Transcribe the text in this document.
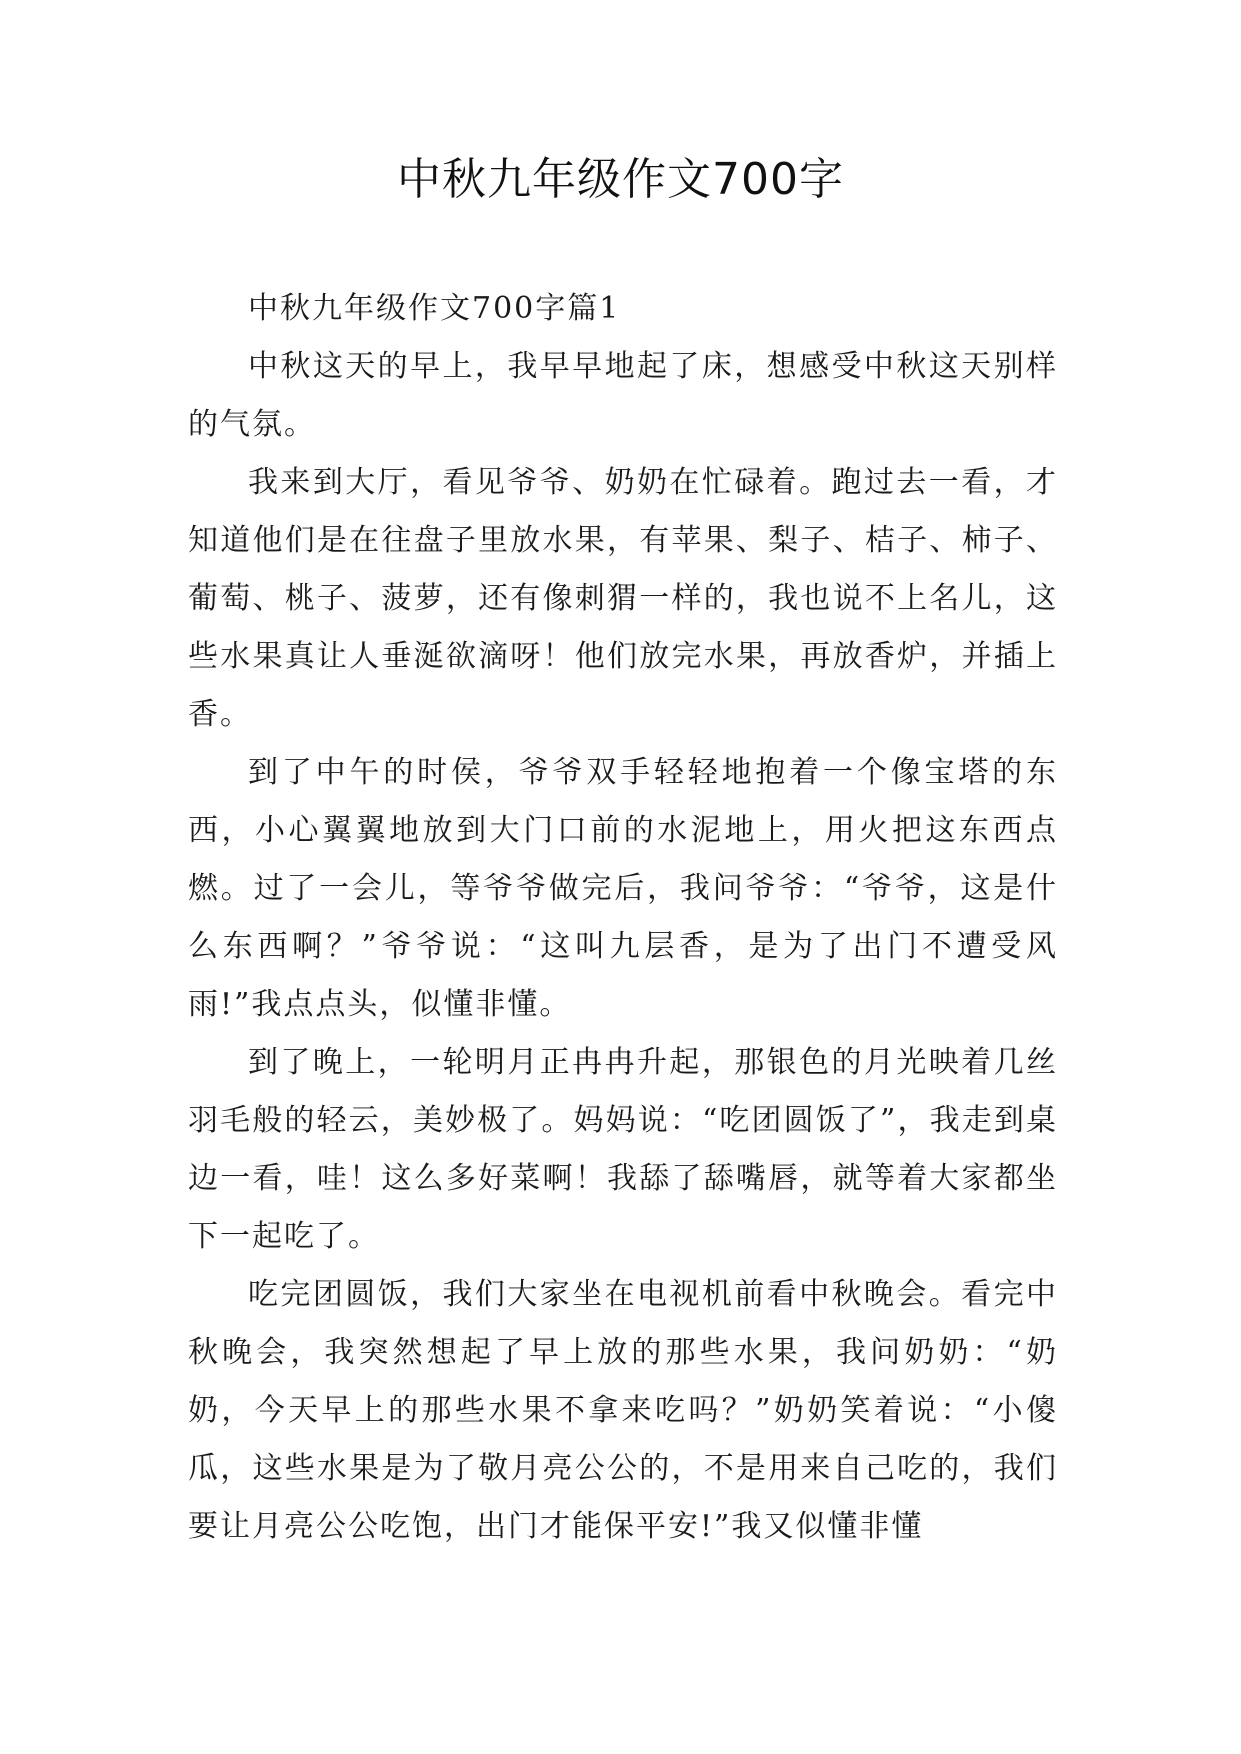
中秋九年级作文700字

中秋九年级作文700字篇1

中秋这天的早上，我早早地起了床，想感受中秋这天别样的气氛。

我来到大厅，看见爷爷、奶奶在忙碌着。跑过去一看，才知道他们是在往盘子里放水果，有苹果、梨子、桔子、柿子、葡萄、桃子、菠萝，还有像刺猬一样的，我也说不上名儿，这些水果真让人垂涎欲滴呀！他们放完水果，再放香炉，并插上香。

到了中午的时侯，爷爷双手轻轻地抱着一个像宝塔的东西，小心翼翼地放到大门口前的水泥地上，用火把这东西点燃。过了一会儿，等爷爷做完后，我问爷爷：“爷爷，这是什么东西啊？”爷爷说：“这叫九层香，是为了出门不遭受风雨!”我点点头，似懂非懂。

到了晚上，一轮明月正冉冉升起，那银色的月光映着几丝羽毛般的轻云，美妙极了。妈妈说：“吃团圆饭了”，我走到桌边一看，哇！这么多好菜啊！我舔了舔嘴唇，就等着大家都坐下一起吃了。

吃完团圆饭，我们大家坐在电视机前看中秋晚会。看完中秋晚会，我突然想起了早上放的那些水果，我问奶奶：“奶奶，今天早上的那些水果不拿来吃吗？”奶奶笑着说：“小傻瓜，这些水果是为了敬月亮公公的，不是用来自己吃的，我们要让月亮公公吃饱，出门才能保平安!”我又似懂非懂
